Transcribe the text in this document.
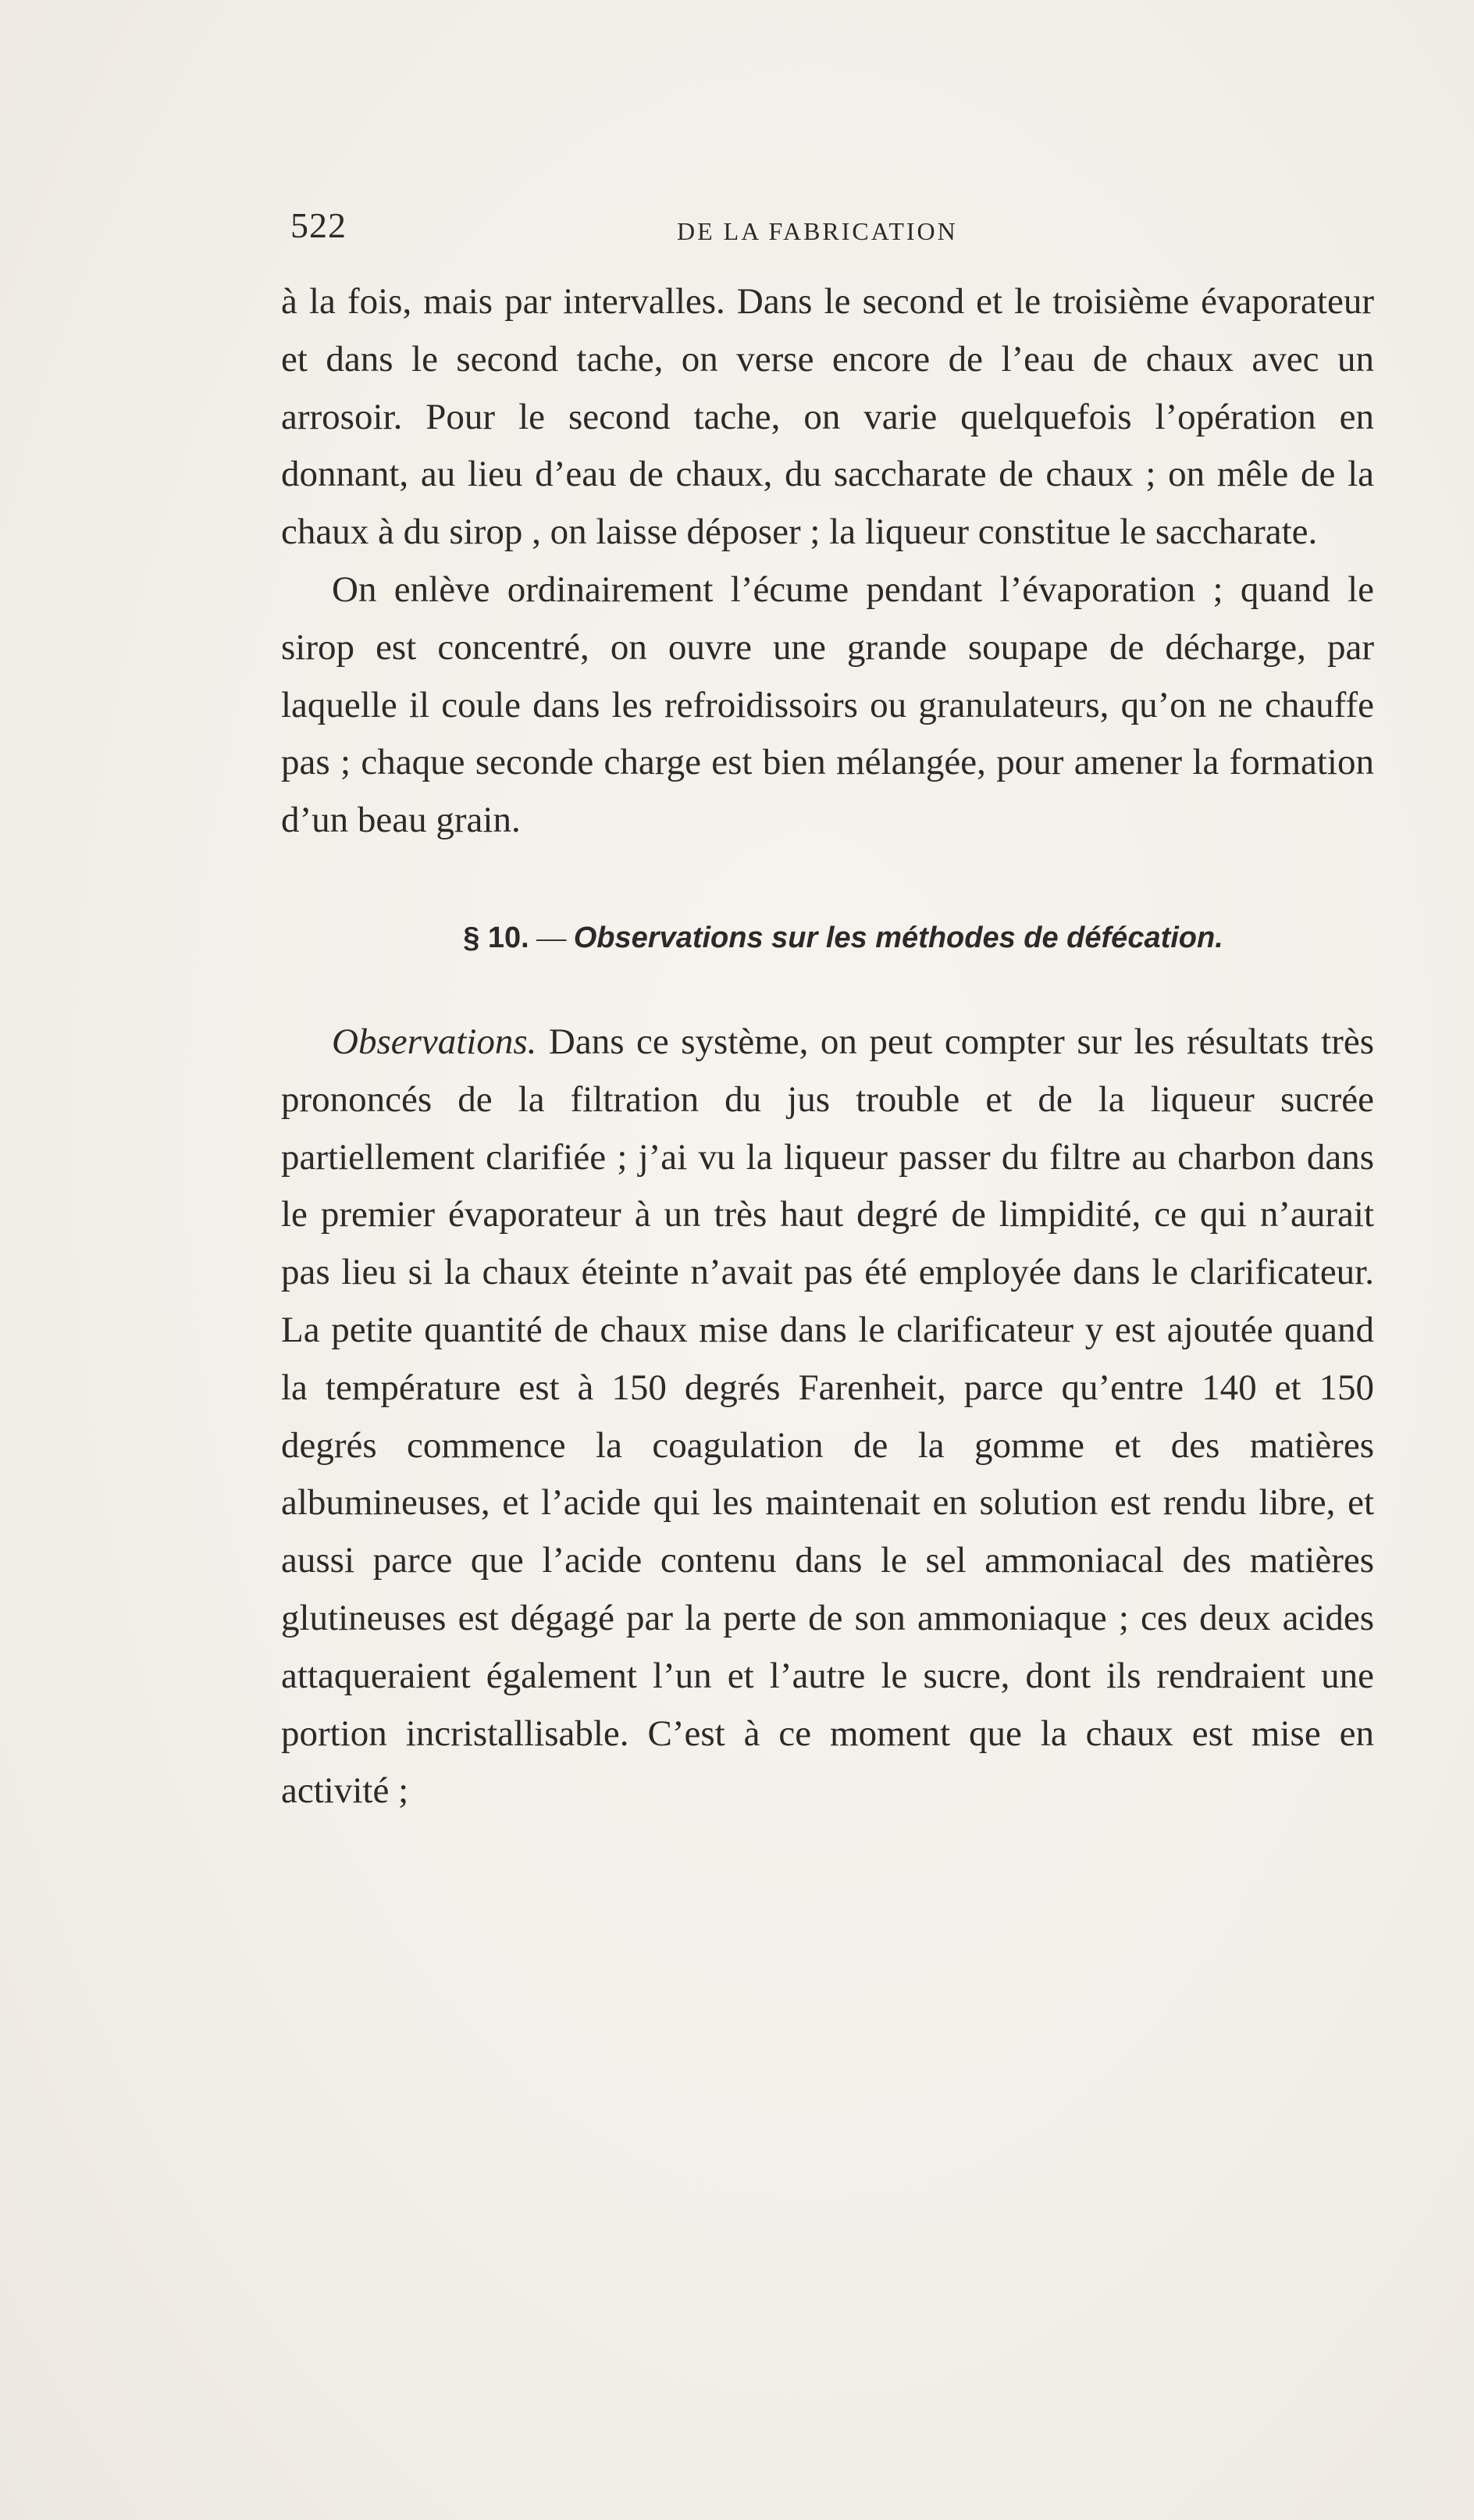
522	DE LA FABRICATION

à la fois, mais par intervalles. Dans le second et le troisième évaporateur et dans le second tache, on verse encore de l’eau de chaux avec un arrosoir. Pour le second tache, on varie quelquefois l’opération en donnant, au lieu d’eau de chaux, du saccharate de chaux ; on mêle de la chaux à du sirop , on laisse déposer ; la liqueur constitue le saccharate.

On enlève ordinairement l’écume pendant l’évaporation ; quand le sirop est concentré, on ouvre une grande soupape de décharge, par laquelle il coule dans les refroidissoirs ou granulateurs, qu’on ne chauffe pas ; chaque seconde charge est bien mélangée, pour amener la formation d’un beau grain.

§ 10. — Observations sur les méthodes de défécation.

Observations. Dans ce système, on peut compter sur les résultats très prononcés de la filtration du jus trouble et de la liqueur sucrée partiellement clarifiée ; j’ai vu la liqueur passer du filtre au charbon dans le premier évaporateur à un très haut degré de limpidité, ce qui n’aurait pas lieu si la chaux éteinte n’avait pas été employée dans le clarificateur. La petite quantité de chaux mise dans le clarificateur y est ajoutée quand la température est à 150 degrés Farenheit, parce qu’entre 140 et 150 degrés commence la coagulation de la gomme et des matières albumineuses, et l’acide qui les maintenait en solution est rendu libre, et aussi parce que l’acide contenu dans le sel ammoniacal des matières glutineuses est dégagé par la perte de son ammoniaque ; ces deux acides attaqueraient également l’un et l’autre le sucre, dont ils rendraient une portion incristallisable. C’est à ce moment que la chaux est mise en activité ;
